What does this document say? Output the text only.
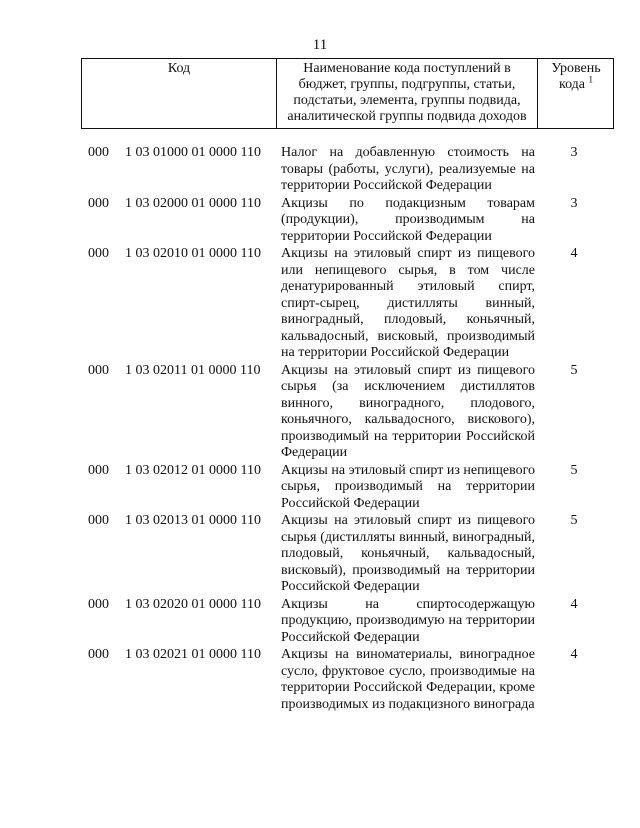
11
Код	Наименование кода поступлений в бюджет, группы, подгруппы, статьи, подстатьи, элемента, группы подвида, аналитической группы подвида доходов
Уровень кода $^1$
000 1 03 01000 01 0000 110 Налог на добавленную стоимость на товары (работы, услуги), реализуемые на территории Российской Федерации
3
000 1 03 02000 01 0000 110 Акцизы по подакцизным товарам (продукции), производимым на территории Российской Федерации
3
000 1 03 02010 01 0000 110 Акцизы на этиловый спирт из пищевого или непищевого сырья, в том числе денатурированный этиловый спирт, спирт-сырец, дистилляты винный, виноградный, плодовый, коньячный, кальвадосный, висковый, производимый на территории Российской Федерации
4
000 1 03 02011 01 0000 110 Акцизы на этиловый спирт из пищевого сырья (за исключением дистиллятов винного, виноградного, плодового, коньячного, кальвадосного, вискового), производимый на территории Российской Федерации
5
000 1 03 02012 01 0000 110 Акцизы на этиловый спирт из непищевого сырья, производимый на территории Российской Федерации
5
000 1 03 02013 01 0000 110 Акцизы на этиловый спирт из пищевого сырья (дистилляты винный, виноградный, плодовый, коньячный, кальвадосный, висковый), производимый на территории Российской Федерации
5
000 1 03 02020 01 0000 110 Акцизы на спиртосодержащую продукцию, производимую на территории Российской Федерации
4
000 1 03 02021 01 0000 110 Акцизы на виноматериалы, виноградное сусло, фруктовое сусло, производимые на территории Российской Федерации, кроме производимых из подакцизного винограда
4
